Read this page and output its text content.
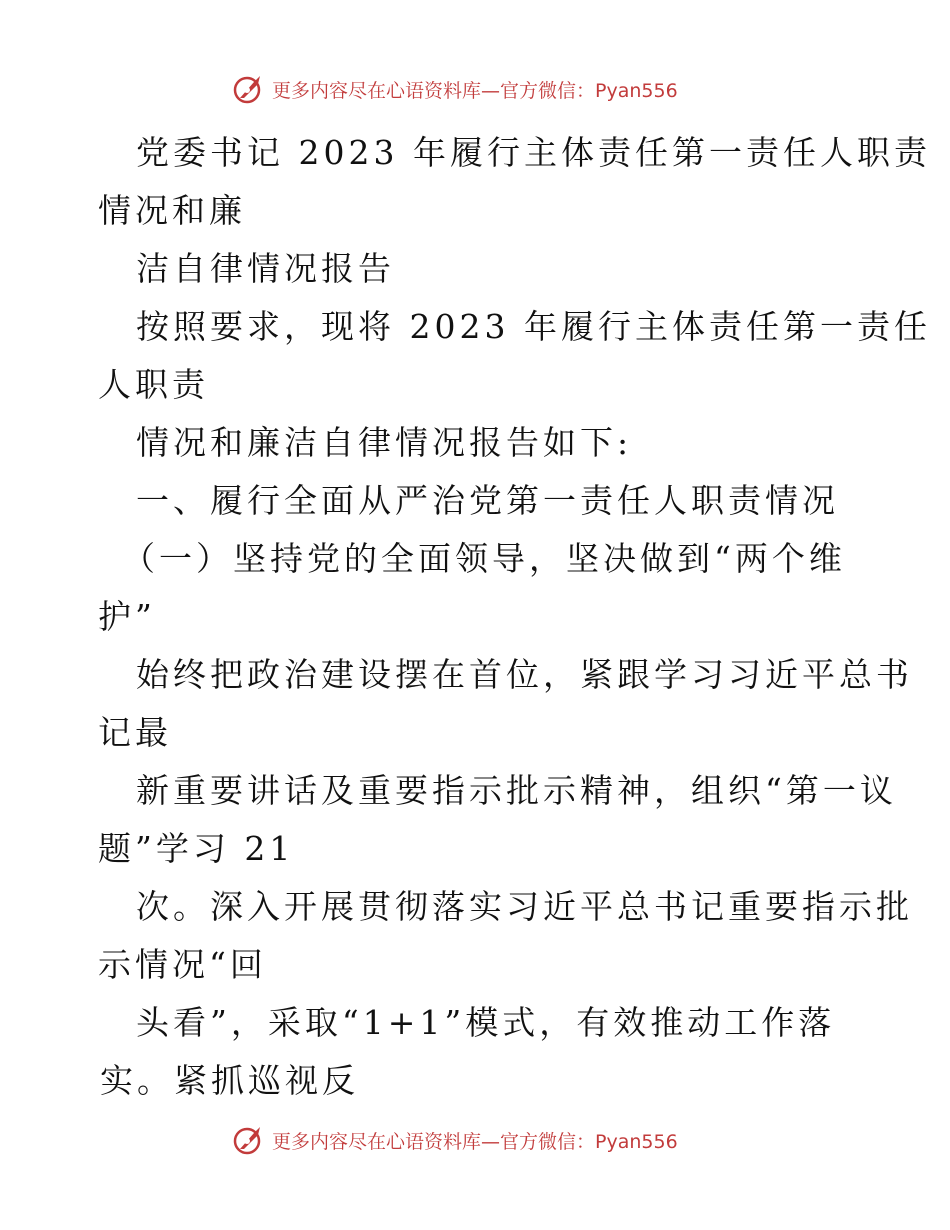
更多内容尽在心语资料库—官方微信：Pyan556
党委书记 2023 年履行主体责任第一责任人职责
情况和廉
洁自律情况报告
按照要求，现将 2023 年履行主体责任第一责任
人职责
情况和廉洁自律情况报告如下:
一、履行全面从严治党第一责任人职责情况
（一）坚持党的全面领导，坚决做到“两个维
护”
始终把政治建设摆在首位，紧跟学习习近平总书
记最
新重要讲话及重要指示批示精神，组织“第一议
题”学习 21
次。深入开展贯彻落实习近平总书记重要指示批
示情况“回
头看”，采取“1+1”模式，有效推动工作落
实。紧抓巡视反
更多内容尽在心语资料库—官方微信：Pyan556
